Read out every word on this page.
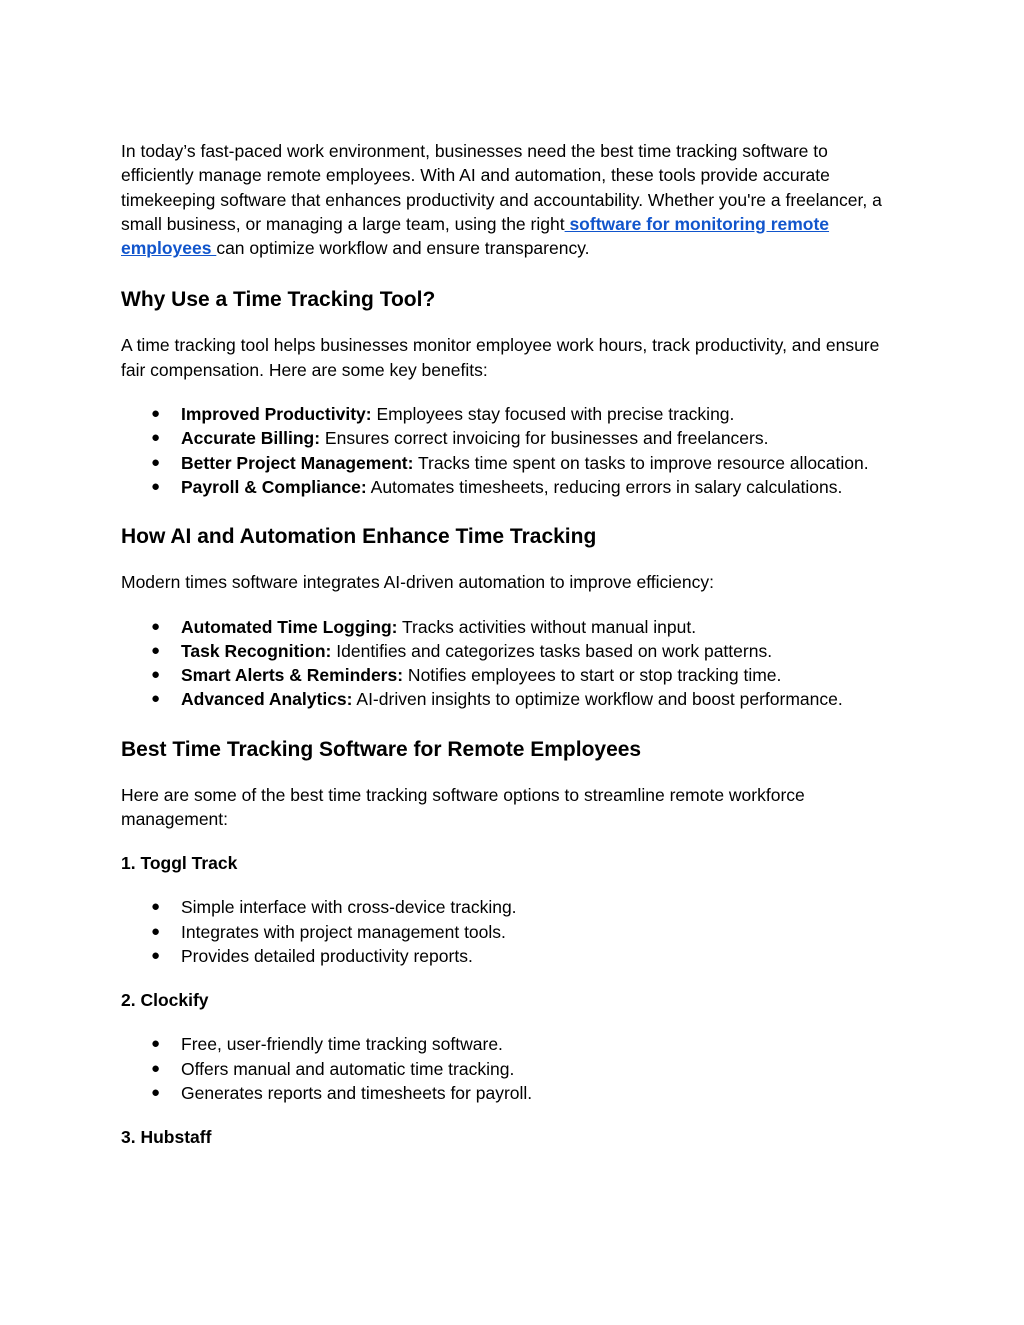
In today’s fast-paced work environment, businesses need the best time tracking software to efficiently manage remote employees. With AI and automation, these tools provide accurate timekeeping software that enhances productivity and accountability. Whether you're a freelancer, a small business, or managing a large team, using the right software for monitoring remote employees can optimize workflow and ensure transparency.

Why Use a Time Tracking Tool?

A time tracking tool helps businesses monitor employee work hours, track productivity, and ensure fair compensation. Here are some key benefits:

● Improved Productivity: Employees stay focused with precise tracking.
● Accurate Billing: Ensures correct invoicing for businesses and freelancers.
● Better Project Management: Tracks time spent on tasks to improve resource allocation.
● Payroll & Compliance: Automates timesheets, reducing errors in salary calculations.
How AI and Automation Enhance Time Tracking

Modern times software integrates AI-driven automation to improve efficiency:

● Automated Time Logging: Tracks activities without manual input.
● Task Recognition: Identifies and categorizes tasks based on work patterns.
● Smart Alerts & Reminders: Notifies employees to start or stop tracking time.
● Advanced Analytics: AI-driven insights to optimize workflow and boost performance.
Best Time Tracking Software for Remote Employees

Here are some of the best time tracking software options to streamline remote workforce management:

1. Toggl Track
● Simple interface with cross-device tracking.
● Integrates with project management tools.
● Provides detailed productivity reports.
2. Clockify
● Free, user-friendly time tracking software.
● Offers manual and automatic time tracking.
● Generates reports and timesheets for payroll.
3. Hubstaff
